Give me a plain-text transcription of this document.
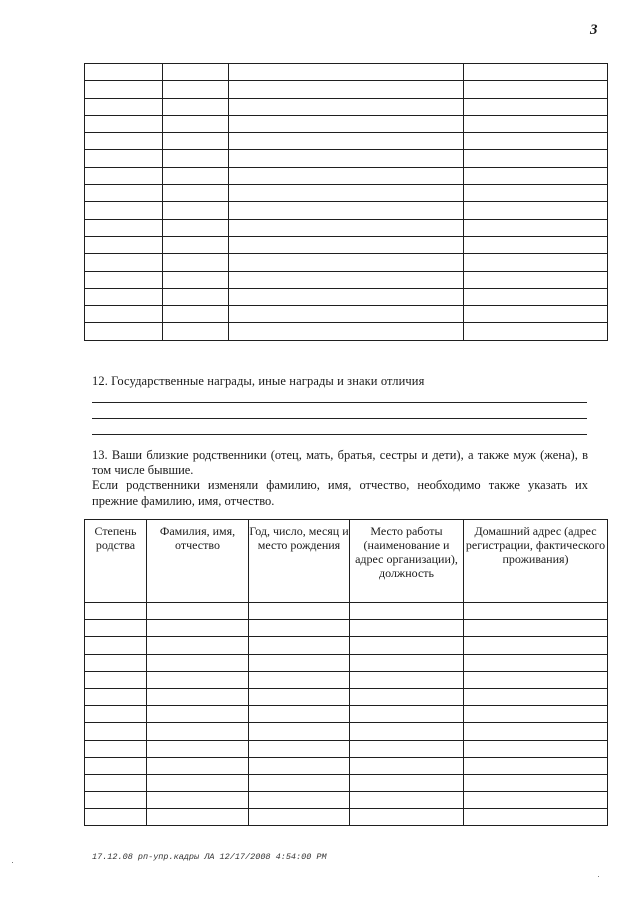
3

12. Государственные награды, иные награды и знаки отличия

13. Ваши близкие родственники (отец, мать, братья, сестры и дети), а также муж (жена), в том числе бывшие.

Если родственники изменяли фамилию, имя, отчество, необходимо также указать их прежние фамилию, имя, отчество.

Степень родства	Фамилия, имя, отчество	Год, число, месяц и место рождения	Место работы (наименование и адрес организации), должность	Домашний адрес (адрес регистрации, фактического проживания)

17.12.08 рп-упр.кадры ЛА 12/17/2008 4:54:00 PM
